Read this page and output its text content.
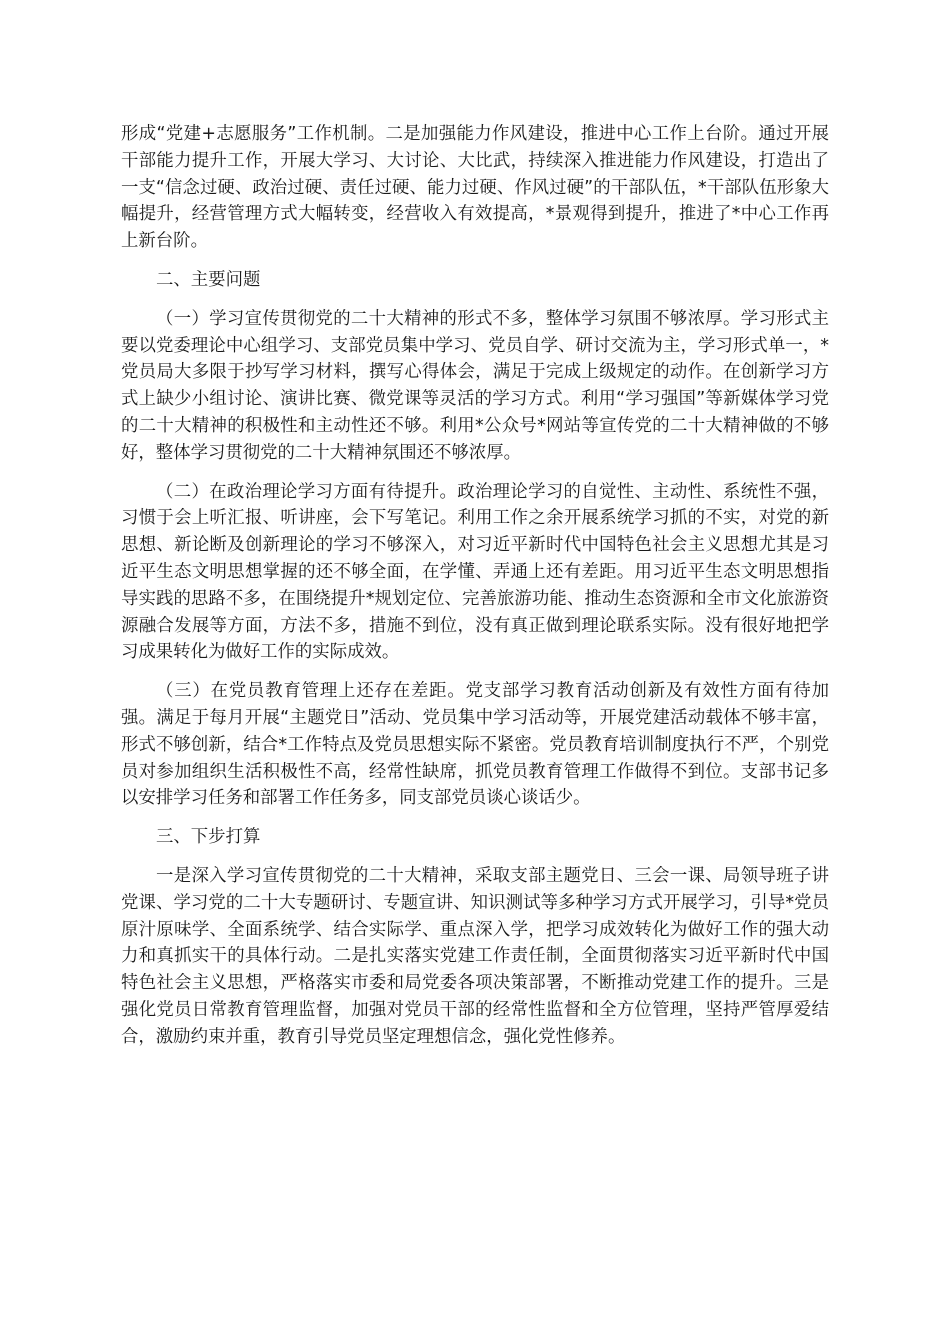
形成“党建+志愿服务”工作机制。二是加强能力作风建设，推进中心工作上台阶。通过开展干部能力提升工作，开展大学习、大讨论、大比武，持续深入推进能力作风建设，打造出了一支“信念过硬、政治过硬、责任过硬、能力过硬、作风过硬”的干部队伍，*干部队伍形象大幅提升，经营管理方式大幅转变，经营收入有效提高，*景观得到提升，推进了*中心工作再上新台阶。

二、主要问题

（一）学习宣传贯彻党的二十大精神的形式不多，整体学习氛围不够浓厚。学习形式主要以党委理论中心组学习、支部党员集中学习、党员自学、研讨交流为主，学习形式单一，*党员局大多限于抄写学习材料，撰写心得体会，满足于完成上级规定的动作。在创新学习方式上缺少小组讨论、演讲比赛、微党课等灵活的学习方式。利用“学习强国”等新媒体学习党的二十大精神的积极性和主动性还不够。利用*公众号*网站等宣传党的二十大精神做的不够好，整体学习贯彻党的二十大精神氛围还不够浓厚。

（二）在政治理论学习方面有待提升。政治理论学习的自觉性、主动性、系统性不强，习惯于会上听汇报、听讲座，会下写笔记。利用工作之余开展系统学习抓的不实，对党的新思想、新论断及创新理论的学习不够深入，对习近平新时代中国特色社会主义思想尤其是习近平生态文明思想掌握的还不够全面，在学懂、弄通上还有差距。用习近平生态文明思想指导实践的思路不多，在围绕提升*规划定位、完善旅游功能、推动生态资源和全市文化旅游资源融合发展等方面，方法不多，措施不到位，没有真正做到理论联系实际。没有很好地把学习成果转化为做好工作的实际成效。

（三）在党员教育管理上还存在差距。党支部学习教育活动创新及有效性方面有待加强。满足于每月开展“主题党日”活动、党员集中学习活动等，开展党建活动载体不够丰富，形式不够创新，结合*工作特点及党员思想实际不紧密。党员教育培训制度执行不严，个别党员对参加组织生活积极性不高，经常性缺席，抓党员教育管理工作做得不到位。支部书记多以安排学习任务和部署工作任务多，同支部党员谈心谈话少。

三、下步打算

一是深入学习宣传贯彻党的二十大精神，采取支部主题党日、三会一课、局领导班子讲党课、学习党的二十大专题研讨、专题宣讲、知识测试等多种学习方式开展学习，引导*党员原汁原味学、全面系统学、结合实际学、重点深入学，把学习成效转化为做好工作的强大动力和真抓实干的具体行动。二是扎实落实党建工作责任制，全面贯彻落实习近平新时代中国特色社会主义思想，严格落实市委和局党委各项决策部署，不断推动党建工作的提升。三是强化党员日常教育管理监督，加强对党员干部的经常性监督和全方位管理，坚持严管厚爱结合，激励约束并重，教育引导党员坚定理想信念，强化党性修养。
